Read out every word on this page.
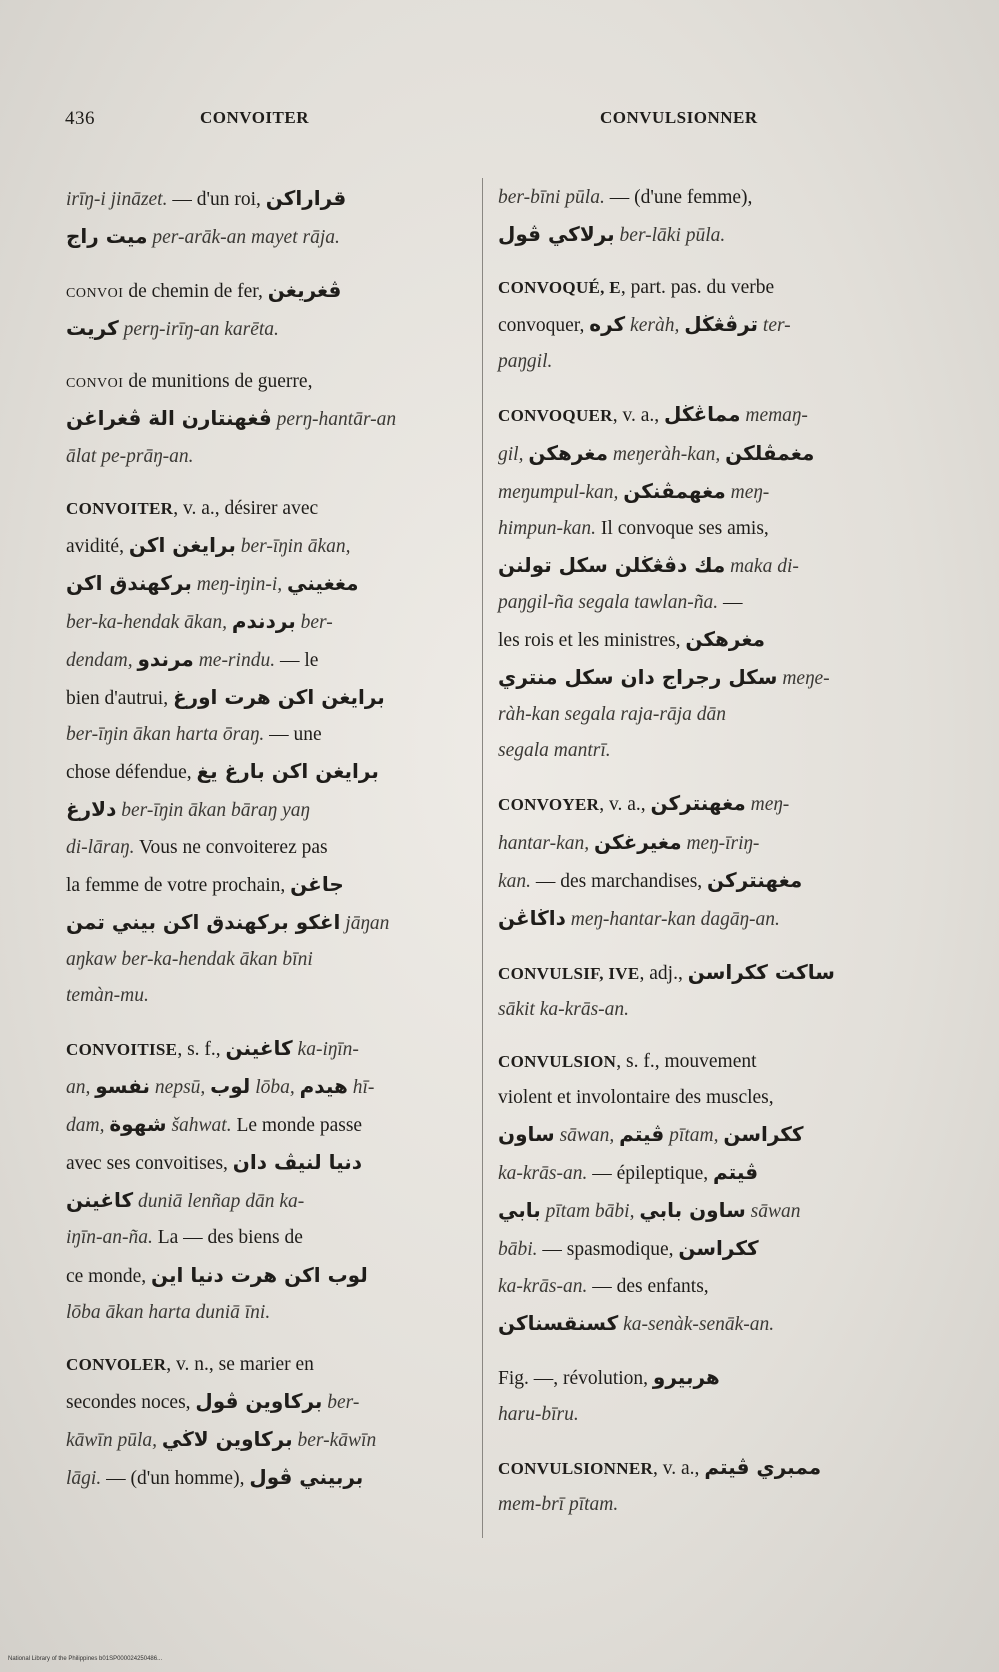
436	CONVOITER	CONVULSIONNER

irīŋ-i jināzet. — d'un roi, قراراكن

ميت راج per-arāk-an mayet rāja.

convoi de chemin de fer, ڤغريغن

كريت perŋ-irīŋ-an karēta.

convoi de munitions de guerre,

ڤغهنتارن الة ڤغراغن perŋ-hantār-an

ālat pe-prāŋ-an.

CONVOITER, v. a., désirer avec

avidité, برايغن اكن ber-īŋin ākan,

بركهندق اكن meŋ-iŋin-i, مغغيني

ber-ka-hendak ākan, بردندم ber-

dendam, مرندو me-rindu. — le

bien d'autrui, برايغن اكن هرت اورغ

ber-īŋin ākan harta ōraŋ. — une

chose défendue, برايغن اكن بارغ يغ

دلارغ ber-īŋin ākan bāraŋ yaŋ

di-lāraŋ. Vous ne convoiterez pas

la femme de votre prochain, جاغن

اغكو بركهندق اكن بيني تمن jāŋan

aŋkaw ber-ka-hendak ākan bīni

temàn-mu.

CONVOITISE, s. f., كاغينن ka-iŋīn-

an, نفسو nepsū, لوب lōba, هيدم hī-

dam, شهوة šahwat. Le monde passe

avec ses convoitises, دنيا لنيڤ دان

كاغينن duniā lenñap dān ka-

iŋīn-an-ña. La — des biens de

ce monde, لوب اكن هرت دنيا اين

lōba ākan harta duniā īni.

CONVOLER, v. n., se marier en

secondes noces, بركاوين ڤول ber-

kāwīn pūla, بركاوين لاڬي ber-kāwīn

lāgi. — (d'un homme), بربيني ڤول

ber-bīni pūla. — (d'une femme),

برلاكي ڤول ber-lāki pūla.

CONVOQUÉ, E, part. pas. du verbe

convoquer, كره keràh, ترڤڠڬل ter-

paŋgil.

CONVOQUER, v. a., مماڠڬل memaŋ-

gil, مغرهكن meŋeràh-kan, مغمڤلكن

meŋumpul-kan, مغهمڤنكن meŋ-

himpun-kan. Il convoque ses amis,

مك دڤڠڬلن سکل تولنن maka di-

paŋgil-ña segala tawlan-ña. —

les rois et les ministres, مغرهكن

سکل رجراج دان سکل منتري meŋe-

ràh-kan segala raja-rāja dān

segala mantrī.

CONVOYER, v. a., مغهنترکن meŋ-

hantar-kan, مغيرغكن meŋ-īriŋ-

kan. — des marchandises, مغهنترکن

داڬاڠن meŋ-hantar-kan dagāŋ-an.

CONVULSIF, IVE, adj., ساكت ككراسن

sākit ka-krās-an.

CONVULSION, s. f., mouvement

violent et involontaire des muscles,

ساون sāwan, ڤيتم pītam, ككراسن

ka-krās-an. — épileptique, ڤيتم

بابي pītam bābi, ساون بابي sāwan

bābi. — spasmodique, ككراسن

ka-krās-an. — des enfants,

كسنقسناكن ka-senàk-senāk-an.

Fig. —, révolution, هربيرو

haru-bīru.

CONVULSIONNER, v. a., ممبري ڤيتم

mem-brī pītam.

National Library of the Philippines b01SP000024250486...
